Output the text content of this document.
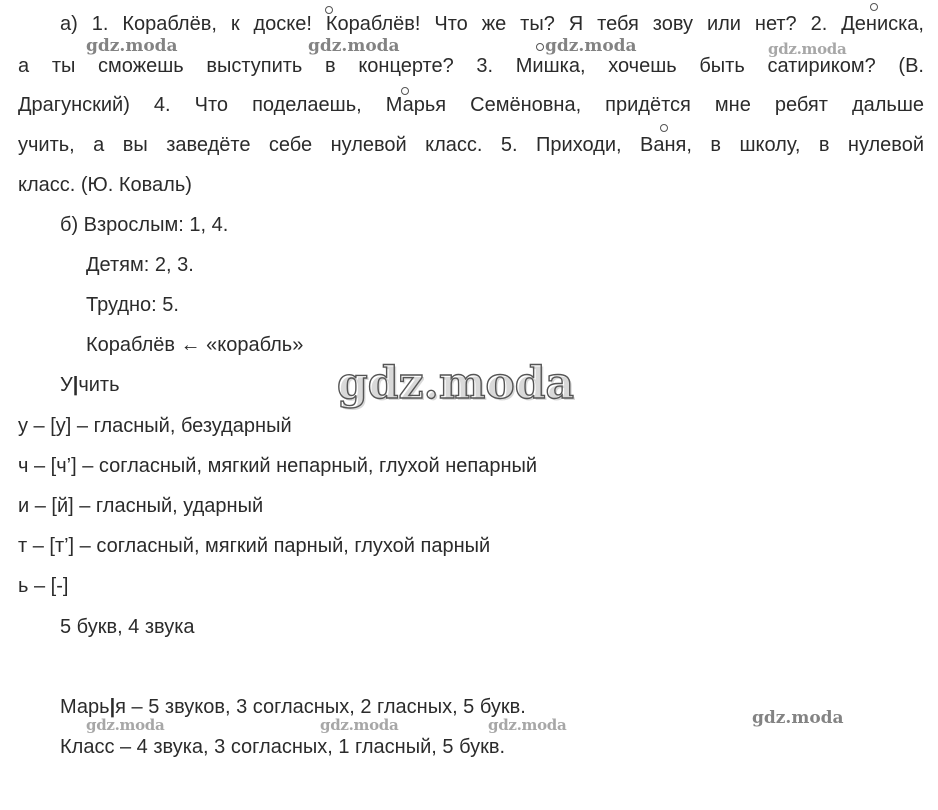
а) 1. Кораблёв, к доске! Кораблёв! Что же ты? Я тебя зову или нет? 2. Дениска,
а ты сможешь выступить в концерте? 3. Мишка, хочешь быть сатириком? (В.
Драгунский) 4. Что поделаешь, Марья Семёновна, придётся мне ребят дальше
учить, а вы заведёте себе нулевой класс. 5. Приходи, Ваня, в школу, в нулевой
класс. (Ю. Коваль)
б) Взрослым: 1, 4.
Детям: 2, 3.
Трудно: 5.
Кораблёв ← «корабль»
У|чить
у – [у] – гласный, безударный
ч – [ч’] – согласный, мягкий непарный, глухой непарный
и – [й] – гласный, ударный
т – [т’] – согласный, мягкий парный, глухой парный
ь – [-]
5 букв, 4 звука
Марь|я – 5 звуков, 3 согласных, 2 гласных, 5 букв.
Класс – 4 звука, 3 согласных, 1 гласный, 5 букв.
gdz.moda	gdz.moda	gdz.moda	gdz.moda
gdz.moda
gdz.moda	gdz.moda	gdz.moda	gdz.moda
